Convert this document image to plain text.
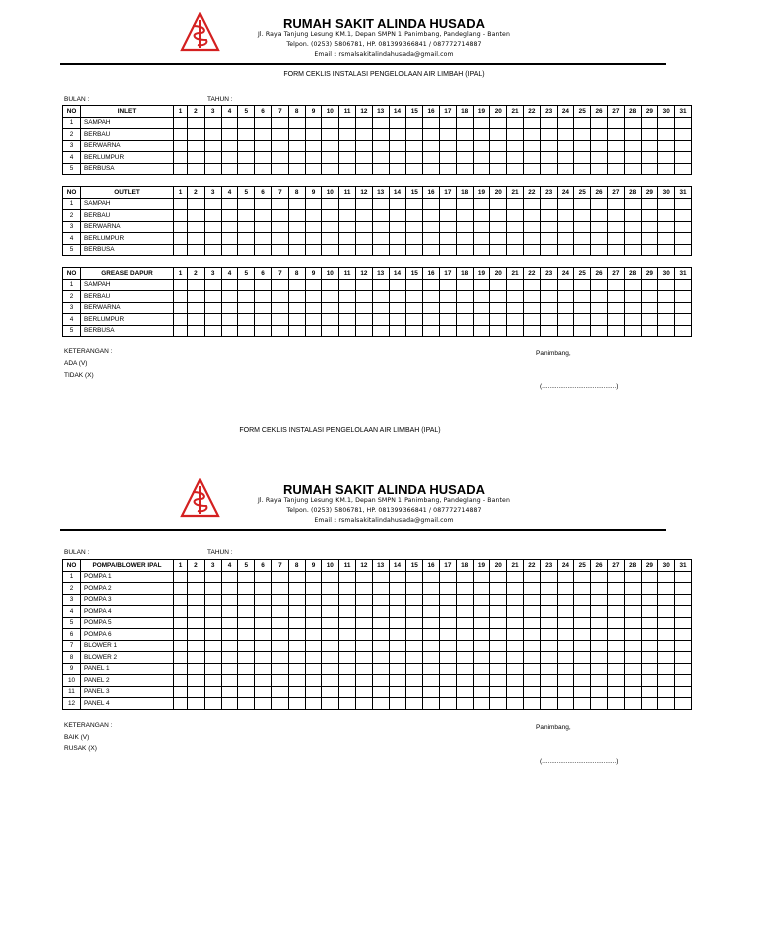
RUMAH SAKIT ALINDA HUSADA
Jl. Raya Tanjung Lesung KM.1, Depan SMPN 1 Panimbang, Pandeglang - Banten
Telpon. (0253) 5806781, HP. 081399366841 / 087772714887
Email : rsmalsakitalindahusada@gmail.com
FORM CEKLIS INSTALASI PENGELOLAAN AIR LIMBAH (IPAL)
BULAN :	TAHUN :
NO	INLET	1	2	3	4	5	6	7	8	9	10	11	12	13	14	15	16	17	18	19	20	21	22	23	24	25	26	27	28	29	30	31
1	SAMPAH																															
2	BERBAU																															
3	BERWARNA																															
4	BERLUMPUR																															
5	BERBUSA																															
NO	OUTLET	1	2	3	4	5	6	7	8	9	10	11	12	13	14	15	16	17	18	19	20	21	22	23	24	25	26	27	28	29	30	31
1	SAMPAH																															
2	BERBAU																															
3	BERWARNA																															
4	BERLUMPUR																															
5	BERBUSA																															
NO	GREASE DAPUR	1	2	3	4	5	6	7	8	9	10	11	12	13	14	15	16	17	18	19	20	21	22	23	24	25	26	27	28	29	30	31
1	SAMPAH																															
2	BERBAU																															
3	BERWARNA																															
4	BERLUMPUR																															
5	BERBUSA																															
KETERANGAN :
ADA (V)
TIDAK (X)
Panimbang,
(.........................................)
FORM CEKLIS INSTALASI PENGELOLAAN AIR LIMBAH (IPAL)
RUMAH SAKIT ALINDA HUSADA
Jl. Raya Tanjung Lesung KM.1, Depan SMPN 1 Panimbang, Pandeglang - Banten
Telpon. (0253) 5806781, HP. 081399366841 / 087772714887
Email : rsmalsakitalindahusada@gmail.com
BULAN :	TAHUN :
NO	POMPA/BLOWER IPAL	1	2	3	4	5	6	7	8	9	10	11	12	13	14	15	16	17	18	19	20	21	22	23	24	25	26	27	28	29	30	31
1	POMPA 1																															
2	POMPA 2																															
3	POMPA 3																															
4	POMPA 4																															
5	POMPA 5																															
6	POMPA 6																															
7	BLOWER 1																															
8	BLOWER 2																															
9	PANEL 1																															
10	PANEL 2																															
11	PANEL 3																															
12	PANEL 4																															
KETERANGAN :
BAIK (V)
RUSAK (X)
Panimbang,
(.........................................)
